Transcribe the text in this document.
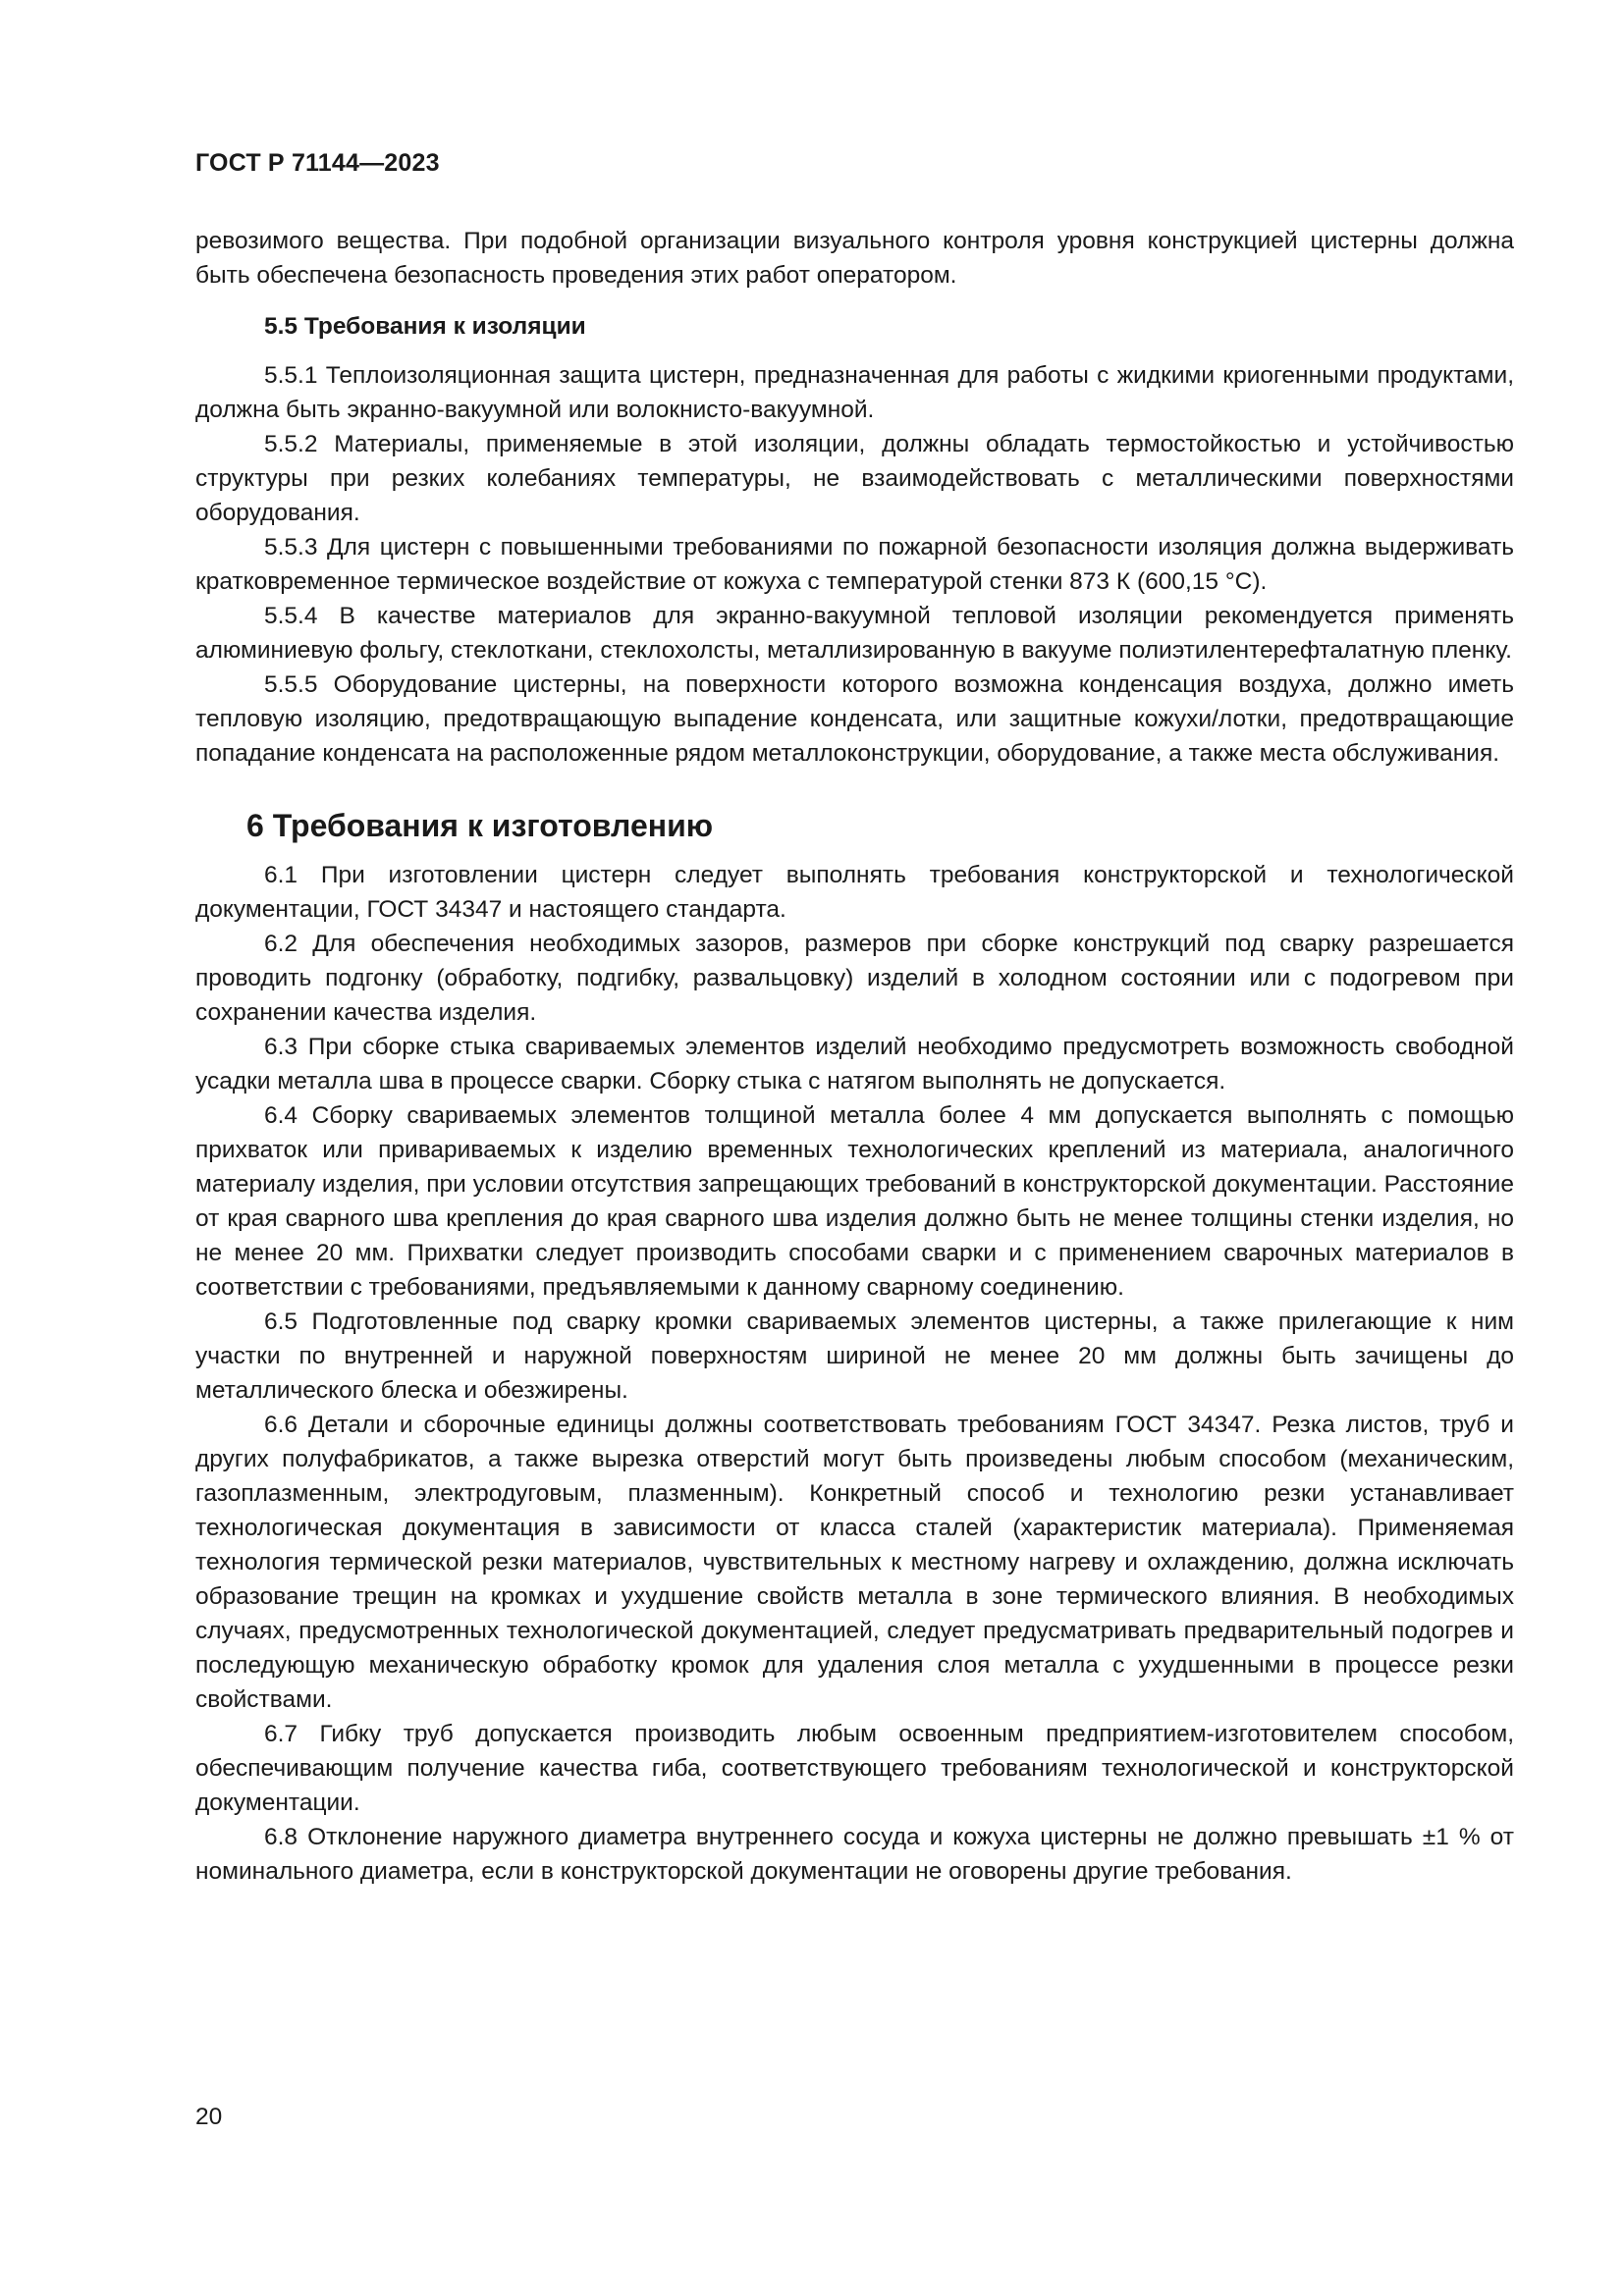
ГОСТ Р 71144—2023

ревозимого вещества. При подобной организации визуального контроля уровня конструкцией цистерны должна быть обеспечена безопасность проведения этих работ оператором.

5.5 Требования к изоляции

5.5.1 Теплоизоляционная защита цистерн, предназначенная для работы с жидкими криогенными продуктами, должна быть экранно-вакуумной или волокнисто-вакуумной.

5.5.2 Материалы, применяемые в этой изоляции, должны обладать термостойкостью и устойчивостью структуры при резких колебаниях температуры, не взаимодействовать с металлическими поверхностями оборудования.

5.5.3 Для цистерн с повышенными требованиями по пожарной безопасности изоляция должна выдерживать кратковременное термическое воздействие от кожуха с температурой стенки 873 К (600,15 °С).

5.5.4 В качестве материалов для экранно-вакуумной тепловой изоляции рекомендуется применять алюминиевую фольгу, стеклоткани, стеклохолсты, металлизированную в вакууме полиэтилентерефталатную пленку.

5.5.5 Оборудование цистерны, на поверхности которого возможна конденсация воздуха, должно иметь тепловую изоляцию, предотвращающую выпадение конденсата, или защитные кожухи/лотки, предотвращающие попадание конденсата на расположенные рядом металлоконструкции, оборудование, а также места обслуживания.

6 Требования к изготовлению

6.1 При изготовлении цистерн следует выполнять требования конструкторской и технологической документации, ГОСТ 34347 и настоящего стандарта.

6.2 Для обеспечения необходимых зазоров, размеров при сборке конструкций под сварку разрешается проводить подгонку (обработку, подгибку, развальцовку) изделий в холодном состоянии или с подогревом при сохранении качества изделия.

6.3 При сборке стыка свариваемых элементов изделий необходимо предусмотреть возможность свободной усадки металла шва в процессе сварки. Сборку стыка с натягом выполнять не допускается.

6.4 Сборку свариваемых элементов толщиной металла более 4 мм допускается выполнять с помощью прихваток или привариваемых к изделию временных технологических креплений из материала, аналогичного материалу изделия, при условии отсутствия запрещающих требований в конструкторской документации. Расстояние от края сварного шва крепления до края сварного шва изделия должно быть не менее толщины стенки изделия, но не менее 20 мм. Прихватки следует производить способами сварки и с применением сварочных материалов в соответствии с требованиями, предъявляемыми к данному сварному соединению.

6.5 Подготовленные под сварку кромки свариваемых элементов цистерны, а также прилегающие к ним участки по внутренней и наружной поверхностям шириной не менее 20 мм должны быть зачищены до металлического блеска и обезжирены.

6.6 Детали и сборочные единицы должны соответствовать требованиям ГОСТ 34347. Резка листов, труб и других полуфабрикатов, а также вырезка отверстий могут быть произведены любым способом (механическим, газоплазменным, электродуговым, плазменным). Конкретный способ и технологию резки устанавливает технологическая документация в зависимости от класса сталей (характеристик материала). Применяемая технология термической резки материалов, чувствительных к местному нагреву и охлаждению, должна исключать образование трещин на кромках и ухудшение свойств металла в зоне термического влияния. В необходимых случаях, предусмотренных технологической документацией, следует предусматривать предварительный подогрев и последующую механическую обработку кромок для удаления слоя металла с ухудшенными в процессе резки свойствами.

6.7 Гибку труб допускается производить любым освоенным предприятием-изготовителем способом, обеспечивающим получение качества гиба, соответствующего требованиям технологической и конструкторской документации.

6.8 Отклонение наружного диаметра внутреннего сосуда и кожуха цистерны не должно превышать ±1 % от номинального диаметра, если в конструкторской документации не оговорены другие требования.

20
